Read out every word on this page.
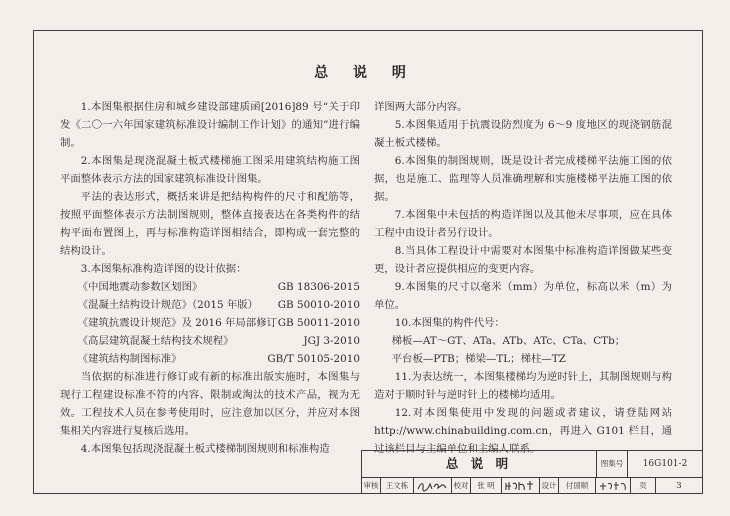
总 说 明

1.本图集根据住房和城乡建设部建质函[2016]89 号“关于印发《二〇一六年国家建筑标准设计编制工作计划》的通知”进行编制。

2.本图集是现浇混凝土板式楼梯施工图采用建筑结构施工图平面整体表示方法的国家建筑标准设计图集。

平法的表达形式，概括来讲是把结构构件的尺寸和配筋等，按照平面整体表示方法制图规则，整体直接表达在各类构件的结构平面布置图上，再与标准构造详图相结合，即构成一套完整的结构设计。

3.本图集标准构造详图的设计依据：

《中国地震动参数区划图》	GB 18306-2015
《混凝土结构设计规范》（2015 年版） GB 50010-2010
《建筑抗震设计规范》及 2016 年局部修订 GB 50011-2010
《高层建筑混凝土结构技术规程》	JGJ 3-2010
《建筑结构制图标准》	GB/T 50105-2010

当依据的标准进行修订或有新的标准出版实施时，本图集与现行工程建设标准不符的内容、限制或淘汰的技术产品，视为无效。工程技术人员在参考使用时，应注意加以区分，并应对本图集相关内容进行复核后选用。

4.本图集包括现浇混凝土板式楼梯制图规则和标准构造

详图两大部分内容。

5.本图集适用于抗震设防烈度为 6～9 度地区的现浇钢筋混凝土板式楼梯。

6.本图集的制图规则，既是设计者完成楼梯平法施工图的依据，也是施工、监理等人员准确理解和实施楼梯平法施工图的依据。

7.本图集中未包括的构造详图以及其他未尽事项，应在具体工程中由设计者另行设计。

8.当具体工程设计中需要对本图集中标准构造详图做某些变更，设计者应提供相应的变更内容。

9.本图集的尺寸以毫米（mm）为单位，标高以米（m）为单位。

10.本图集的构件代号：

梯板—AT～GT、ATa、ATb、ATc、CTa、CTb；

平台板—PTB；梯梁—TL；梯柱—TZ

11.为表达统一，本图集楼梯均为逆时针上，其制图规则与构造对于顺时针与逆时针上的楼梯均适用。

12.对本图集使用中发现的问题或者建议，请登陆网站 http://www.chinabuilding.com.cn，再进入 G101 栏目，通过该栏目与主编单位和主编人联系。

总 说 明	图集号	16G101-2
审核 王文栋	校对	张 明	设计	付国顺	页	3
